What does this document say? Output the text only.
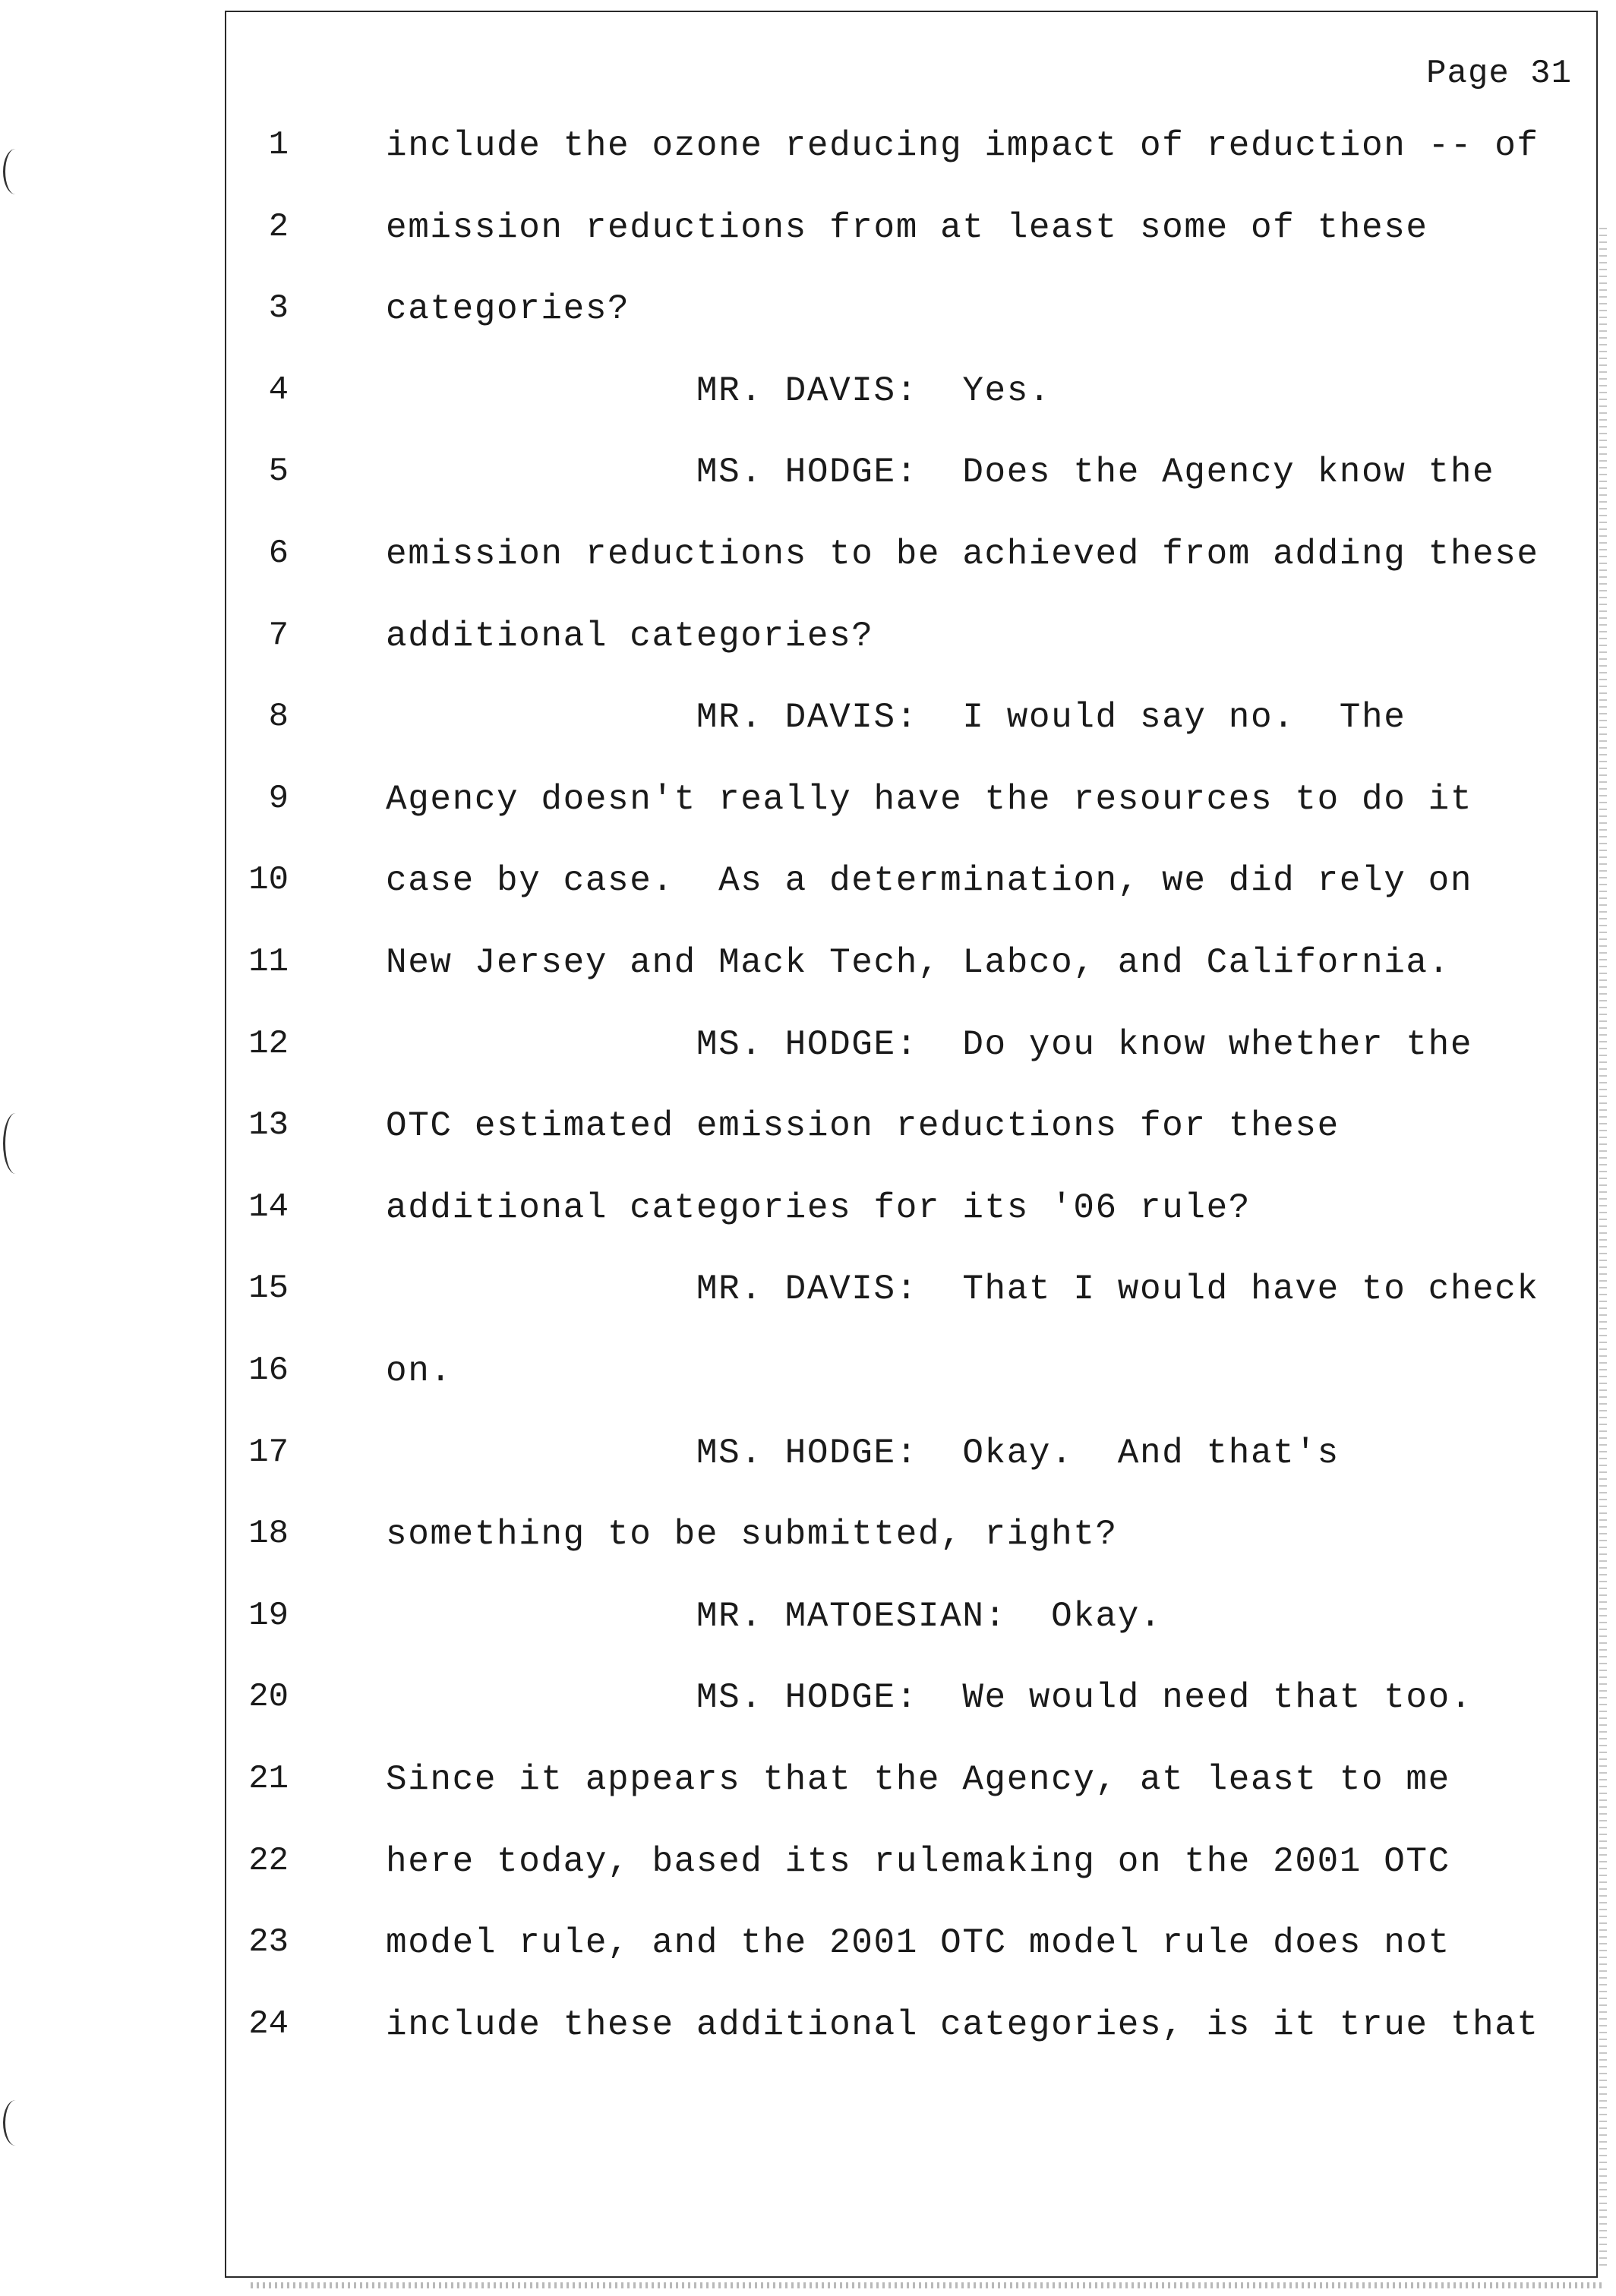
Page 31
1	include the ozone reducing impact of reduction -- of
2	emission reductions from at least some of these
3	categories?
4	MR. DAVIS:  Yes.
5	MS. HODGE:  Does the Agency know the
6	emission reductions to be achieved from adding these
7	additional categories?
8	MR. DAVIS:  I would say no.  The
9	Agency doesn't really have the resources to do it
10	case by case.  As a determination, we did rely on
11	New Jersey and Mack Tech, Labco, and California.
12	MS. HODGE:  Do you know whether the
13	OTC estimated emission reductions for these
14	additional categories for its '06 rule?
15	MR. DAVIS:  That I would have to check
16	on.
17	MS. HODGE:  Okay.  And that's
18	something to be submitted, right?
19	MR. MATOESIAN:  Okay.
20	MS. HODGE:  We would need that too.
21	Since it appears that the Agency, at least to me
22	here today, based its rulemaking on the 2001 OTC
23	model rule, and the 2001 OTC model rule does not
24	include these additional categories, is it true that
